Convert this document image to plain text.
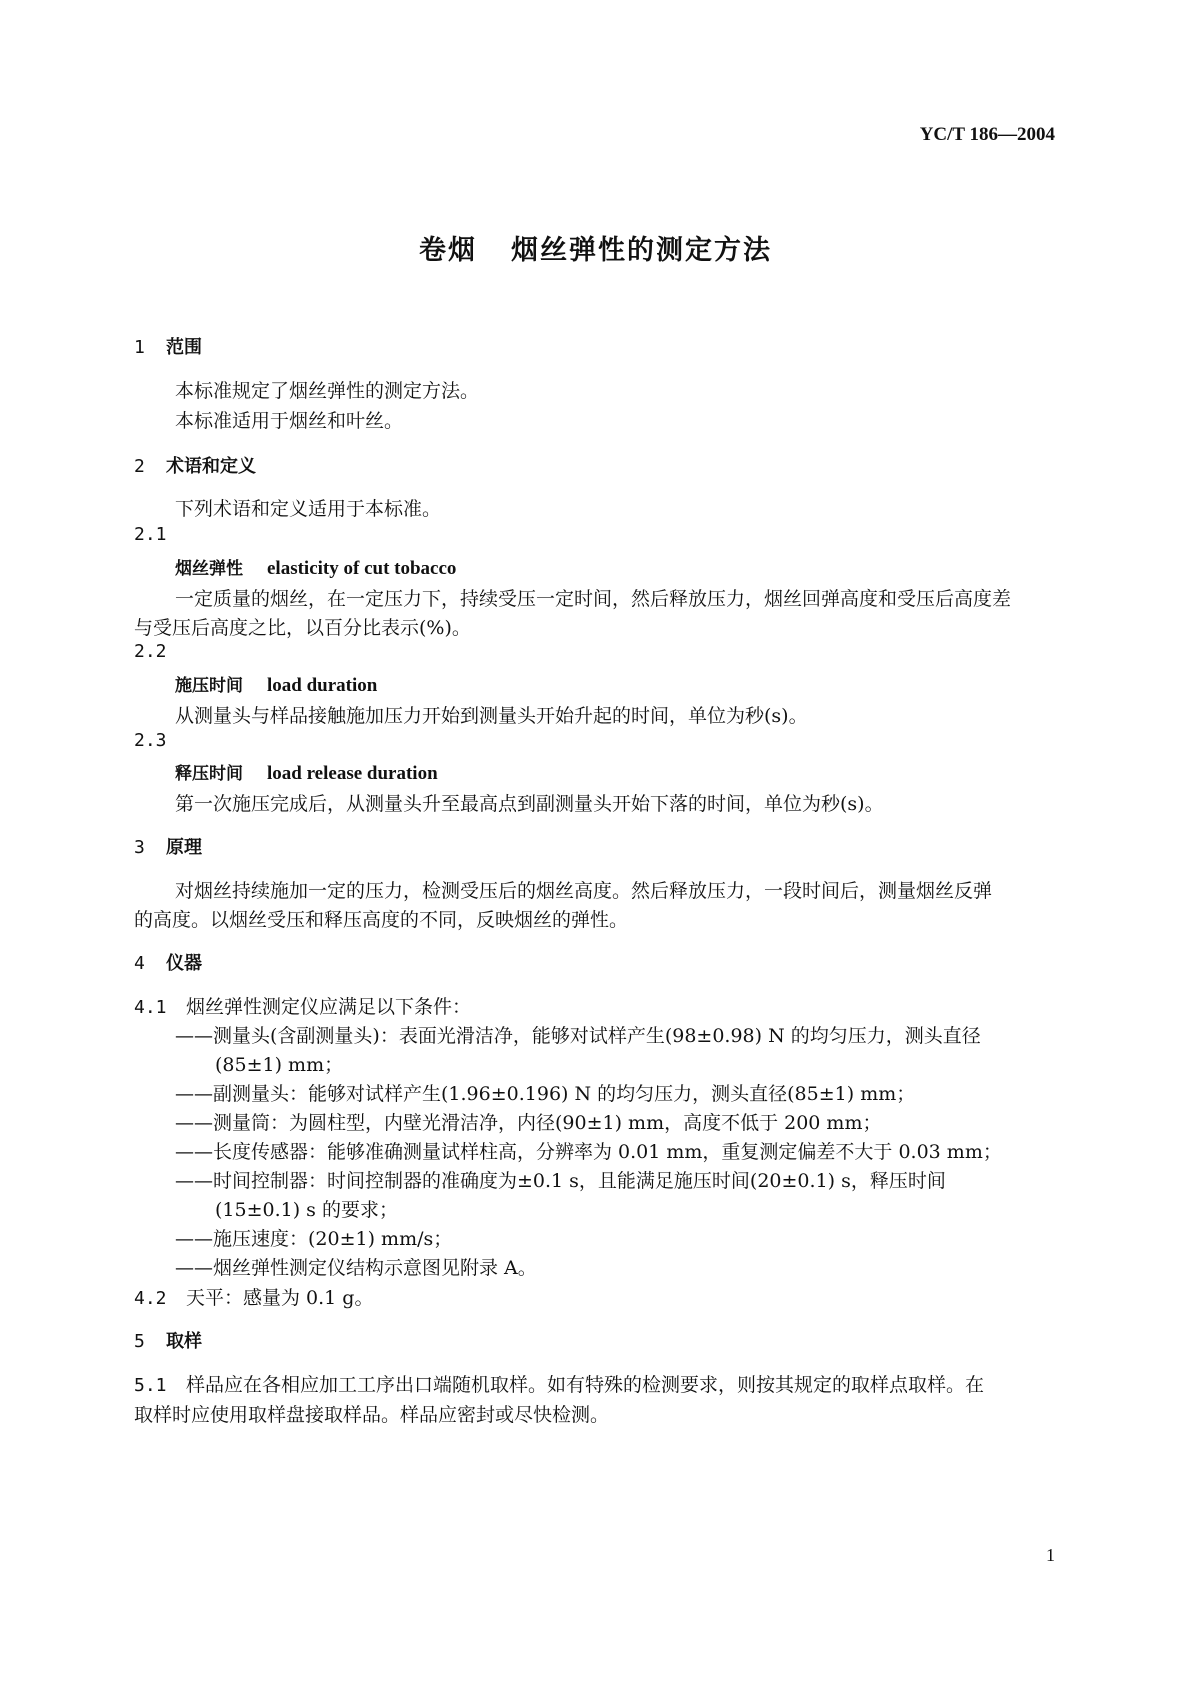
YC/T 186—2004
卷烟 烟丝弹性的测定方法
1 范围
本标准规定了烟丝弹性的测定方法。
本标准适用于烟丝和叶丝。
2 术语和定义
下列术语和定义适用于本标准。
2.1
烟丝弹性 elasticity of cut tobacco
一定质量的烟丝，在一定压力下，持续受压一定时间，然后释放压力，烟丝回弹高度和受压后高度差
与受压后高度之比，以百分比表示(%)。
2.2
施压时间 load duration
从测量头与样品接触施加压力开始到测量头开始升起的时间，单位为秒(s)。
2.3
释压时间 load release duration
第一次施压完成后，从测量头升至最高点到副测量头开始下落的时间，单位为秒(s)。
3 原理
对烟丝持续施加一定的压力，检测受压后的烟丝高度。然后释放压力，一段时间后，测量烟丝反弹
的高度。以烟丝受压和释压高度的不同，反映烟丝的弹性。
4 仪器
4.1 烟丝弹性测定仪应满足以下条件：
——测量头(含副测量头)：表面光滑洁净，能够对试样产生(98±0.98) N 的均匀压力，测头直径
(85±1) mm；
——副测量头：能够对试样产生(1.96±0.196) N 的均匀压力，测头直径(85±1) mm；
——测量筒：为圆柱型，内壁光滑洁净，内径(90±1) mm，高度不低于 200 mm；
——长度传感器：能够准确测量试样柱高，分辨率为 0.01 mm，重复测定偏差不大于 0.03 mm；
——时间控制器：时间控制器的准确度为±0.1 s，且能满足施压时间(20±0.1) s，释压时间
(15±0.1) s 的要求；
——施压速度：(20±1) mm/s；
——烟丝弹性测定仪结构示意图见附录 A。
4.2 天平：感量为 0.1 g。
5 取样
5.1 样品应在各相应加工工序出口端随机取样。如有特殊的检测要求，则按其规定的取样点取样。在
取样时应使用取样盘接取样品。样品应密封或尽快检测。
1
